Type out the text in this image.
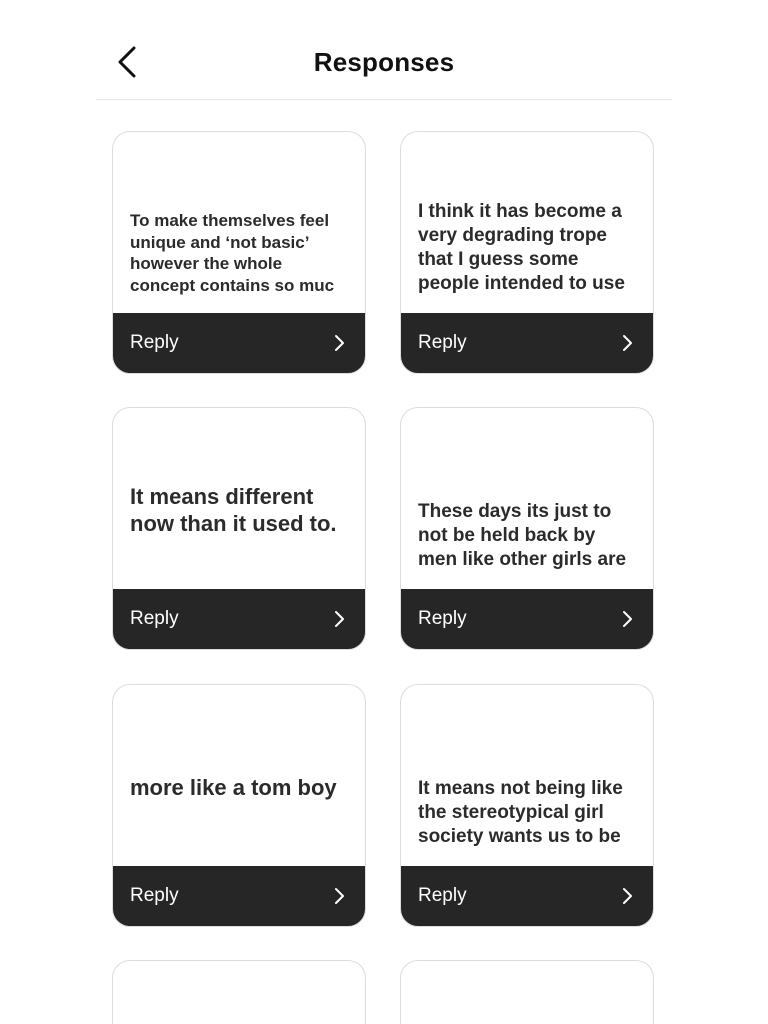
Responses
To make themselves feel unique and ‘not basic’ however the whole concept contains so muc
Reply
I think it has become a very degrading trope that I guess some people intended to use
Reply
It means different now than it used to.
Reply
These days its just to not be held back by men like other girls are
Reply
more like a tom boy
Reply
It means not being like the stereotypical girl society wants us to be
Reply
